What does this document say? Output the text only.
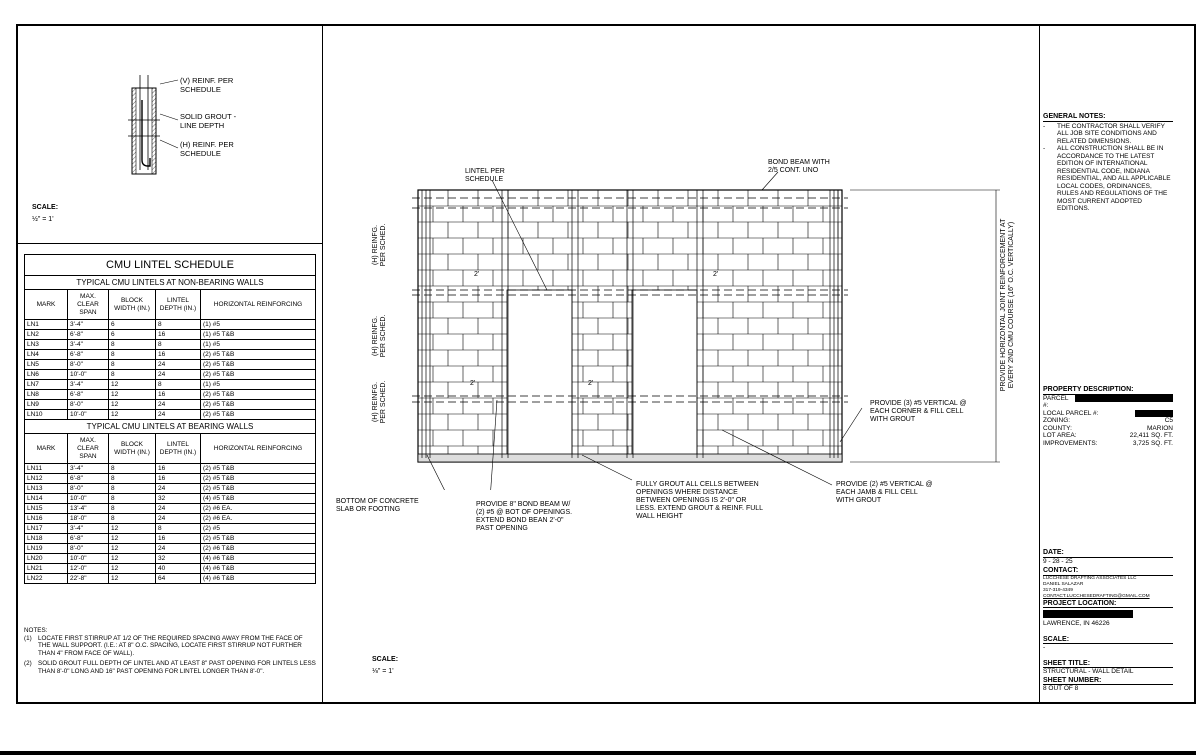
(V) REINF. PER
SCHEDULE
SOLID GROUT -
LINE DEPTH
(H) REINF. PER
SCHEDULE
SCALE:
½" = 1'
CMU LINTEL SCHEDULE				
TYPICAL CMU LINTELS AT NON-BEARING WALLS				
MARK	MAX. CLEAR SPAN	BLOCK WIDTH (IN.)	LINTEL DEPTH (IN.)	HORIZONTAL REINFORCING
LN1	3'-4"	6	8	(1) #5
LN2	6'-8"	6	16	(1) #5 T&B
LN3	3'-4"	8	8	(1) #5
LN4	6'-8"	8	16	(2) #5 T&B
LN5	8'-0"	8	24	(2) #5 T&B
LN6	10'-0"	8	24	(2) #5 T&B
LN7	3'-4"	12	8	(1) #5
LN8	6'-8"	12	16	(2) #5 T&B
LN9	8'-0"	12	24	(2) #5 T&B
LN10	10'-0"	12	24	(2) #5 T&B
TYPICAL CMU LINTELS AT BEARING WALLS				
MARK	MAX. CLEAR SPAN	BLOCK WIDTH (IN.)	LINTEL DEPTH (IN.)	HORIZONTAL REINFORCING
LN11	3'-4"	8	16	(2) #5 T&B
LN12	6'-8"	8	16	(2) #5 T&B
LN13	8'-0"	8	24	(2) #5 T&B
LN14	10'-0"	8	32	(4) #5 T&B
LN15	13'-4"	8	24	(2) #6 EA.
LN16	18'-0"	8	24	(2) #6 EA.
LN17	3'-4"	12	8	(2) #5
LN18	6'-8"	12	16	(2) #5 T&B
LN19	8'-0"	12	24	(2) #6 T&B
LN20	10'-0"	12	32	(4) #6 T&B
LN21	12'-0"	12	40	(4) #6 T&B
LN22	22'-8"	12	64	(4) #6 T&B
NOTES:
(1) LOCATE FIRST STIRRUP AT 1/2 OF THE REQUIRED SPACING AWAY FROM THE FACE OF THE WALL SUPPORT. (I.E.: AT 8" O.C. SPACING, LOCATE FIRST STIRRUP NOT FURTHER THAN 4" FROM FACE OF WALL).
(2) SOLID GROUT FULL DEPTH OF LINTEL AND AT LEAST 8" PAST OPENING FOR LINTELS LESS THAN 8'-0" LONG AND 16" PAST OPENING FOR LINTEL LONGER THAN 8'-0".
LINTEL PER
SCHEDULE
BOND BEAM WITH
2/5 CONT. UNO
PROVIDE (3) #5 VERTICAL @
EACH CORNER & FILL CELL
WITH GROUT
PROVIDE (2) #5 VERTICAL @
EACH JAMB & FILL CELL
WITH GROUT
FULLY GROUT ALL CELLS BETWEEN
OPENINGS WHERE DISTANCE
BETWEEN OPENINGS IS 2'-0" OR
LESS. EXTEND GROUT & REINF. FULL
WALL HEIGHT
PROVIDE 8" BOND BEAM W/
(2) #5 @ BOT OF OPENINGS.
EXTEND BOND BEAN 2'-0"
PAST OPENING
BOTTOM OF CONCRETE
SLAB OR FOOTING
PROVIDE HORIZONTAL JOINT REINFORCEMENT AT
EVERY 2ND CMU COURSE (16" O.C. VERTICALLY)
(H) REINFG.
PER SCHED.
(H) REINFG.
PER SCHED.
(H) REINFG.
PER SCHED.
2'	2'
2'	2'
SCALE:
⅛" = 1'
GENERAL NOTES:
-	THE CONTRACTOR SHALL VERIFY ALL JOB SITE CONDITIONS AND RELATED DIMENSIONS.
-	ALL CONSTRUCTION SHALL BE IN ACCORDANCE TO THE LATEST EDITION OF INTERNATIONAL RESIDENTIAL CODE, INDIANA RESIDENTIAL, AND ALL APPLICABLE LOCAL CODES, ORDINANCES, RULES AND REGULATIONS OF THE MOST CURRENT ADOPTED EDITIONS.
PROPERTY DESCRIPTION:
PARCEL #:
LOCAL PARCEL #:
ZONING:	C5
COUNTY:	MARION
LOT AREA:	22,411 SQ. FT.
IMPROVEMENTS:	3,725 SQ. FT.
DATE:
9 - 28 - 25
CONTACT:
LUCCHESE DRAFTING ASSOCIATES LLC
DANIEL SALAZAR
317-319-4349
CONTACT.LUCCHESEDRAFTING@GMAIL.COM
PROJECT LOCATION:
LAWRENCE, IN 46226
SCALE:
-
SHEET TITLE:
STRUCTURAL - WALL DETAIL
SHEET NUMBER:
8 OUT OF 8
